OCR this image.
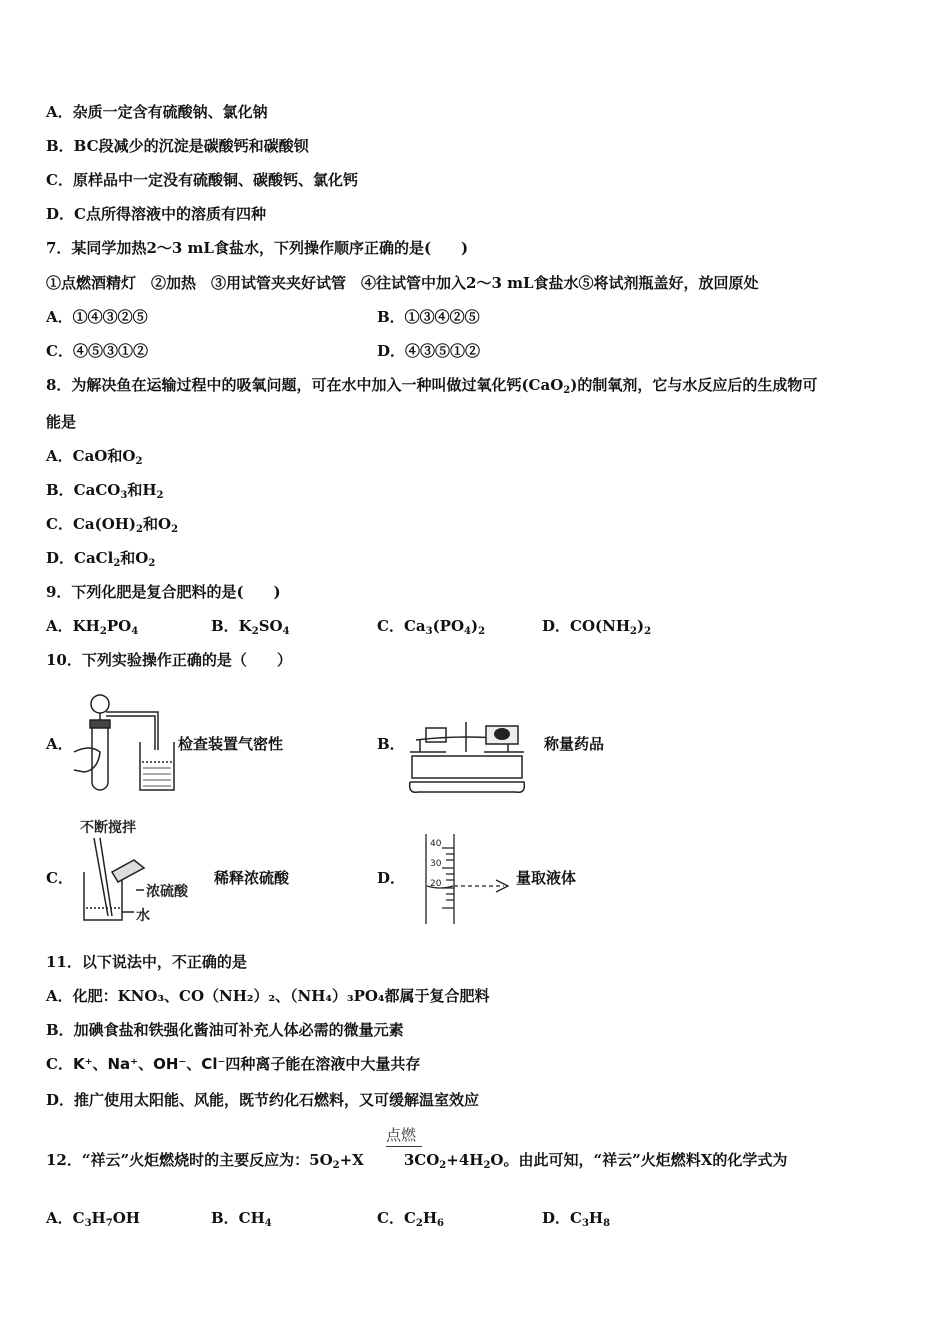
A．杂质一定含有硫酸钠、氯化钠
B．BC段减少的沉淀是碳酸钙和碳酸钡
C．原样品中一定没有硫酸铜、碳酸钙、氯化钙
D．C点所得溶液中的溶质有四种
7．某同学加热2～3 mL食盐水，下列操作顺序正确的是(　　)
①点燃酒精灯　②加热　③用试管夹夹好试管　④往试管中加入2～3 mL食盐水⑤将试剂瓶盖好，放回原处
A．①④③②⑤	B．①③④②⑤
C．④⑤③①②	D．④③⑤①②
8．为解决鱼在运输过程中的吸氧问题，可在水中加入一种叫做过氧化钙(CaO$_2$)的制氧剂，它与水反应后的生成物可
能是
A．CaO和$O_2$
B．CaCO$_3$和$H_2$
C．$Ca(OH)_2$和$O_2$
D．CaCl$_2$和$O_2$
9．下列化肥是复合肥料的是(　　)
A．$KH_2PO_4$	B．$K_2SO_4$	C．$Ca_3(PO_4)_2$	D．$CO(NH_2)_2$
10．下列实验操作正确的是（　　）
A．	检查装置气密性	B．	称量药品
C．
不断搅拌
浓硫酸
水
稀释浓硫酸	D．
40
30
20	量取液体
11．以下说法中，不正确的是
A．化肥：KNO₃、CO（NH₂）₂、（NH₄）₃PO₄都属于复合肥料
B．加碘食盐和铁强化酱油可补充人体必需的微量元素
C．K⁺、Na⁺、OH⁻、Cl⁻四种离子能在溶液中大量共存
D．推广使用太阳能、风能，既节约化石燃料，又可缓解温室效应
点燃
12．“祥云”火炬燃烧时的主要反应为：$5O_2+X$	$3CO_2+4H_2O$。由此可知，“祥云”火炬燃料X的化学式为
A．$C_3H_7OH$	B．$CH_4$	C．$C_2H_6$	D．$C_3H_8$
